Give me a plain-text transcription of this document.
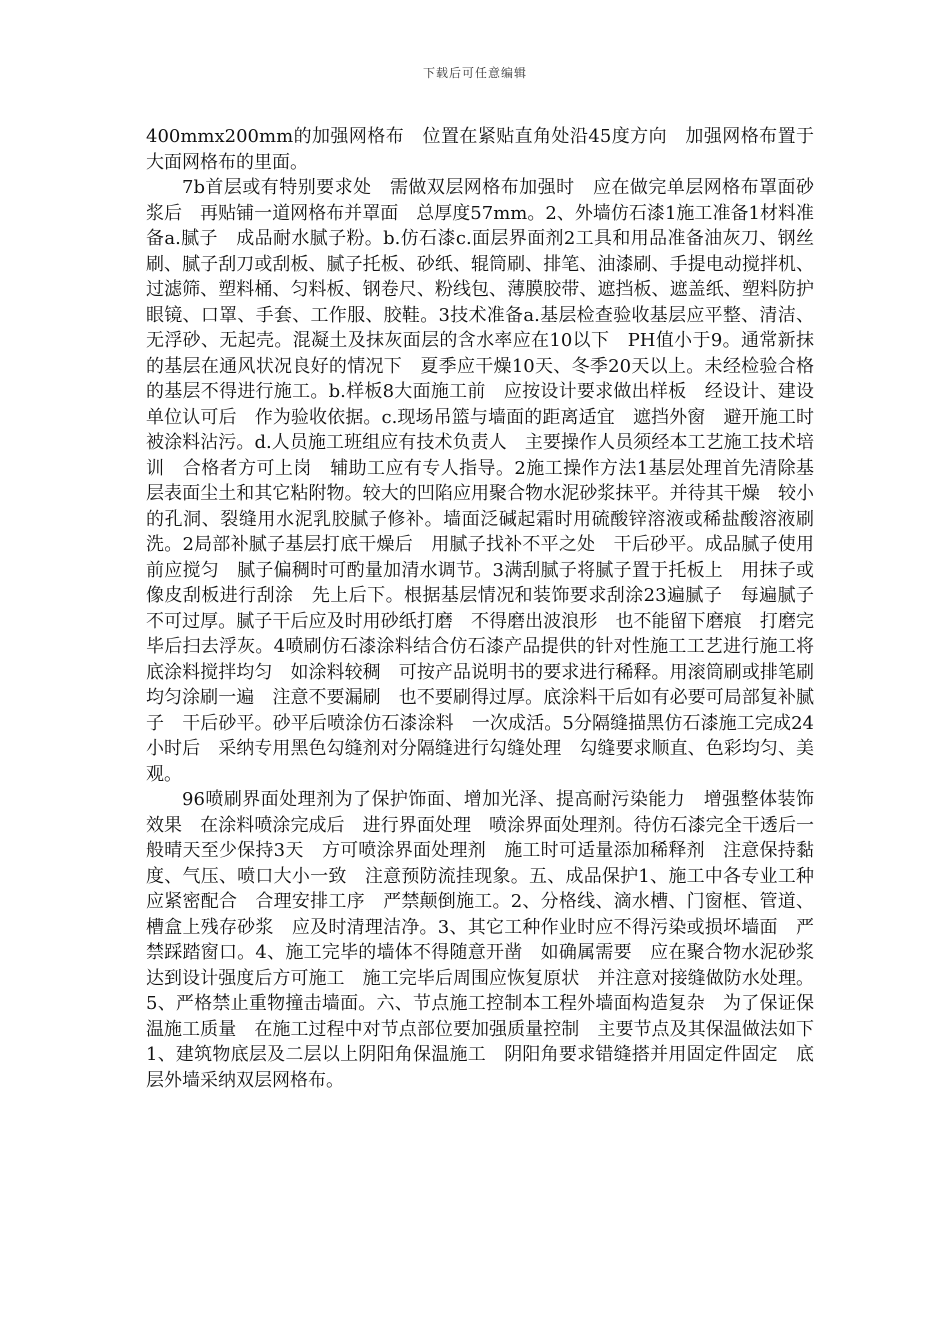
下载后可任意编辑

400mmx200mm的加强网格布　位置在紧贴直角处沿45度方向　加强网格布置于大面网格布的里面。

7b首层或有特别要求处　需做双层网格布加强时　应在做完单层网格布罩面砂浆后　再贴铺一道网格布并罩面　总厚度57mm。2、外墙仿石漆1施工准备1材料准备a.腻子　成品耐水腻子粉。b.仿石漆c.面层界面剂2工具和用品准备油灰刀、钢丝刷、腻子刮刀或刮板、腻子托板、砂纸、辊筒刷、排笔、油漆刷、手提电动搅拌机、过滤筛、塑料桶、匀料板、钢卷尺、粉线包、薄膜胶带、遮挡板、遮盖纸、塑料防护眼镜、口罩、手套、工作服、胶鞋。3技术准备a.基层检查验收基层应平整、清洁、无浮砂、无起壳。混凝土及抹灰面层的含水率应在10以下　PH值小于9。通常新抹的基层在通风状况良好的情况下　夏季应干燥10天、冬季20天以上。未经检验合格的基层不得进行施工。b.样板8大面施工前　应按设计要求做出样板　经设计、建设单位认可后　作为验收依据。c.现场吊篮与墙面的距离适宜　遮挡外窗　避开施工时被涂料沾污。d.人员施工班组应有技术负责人　主要操作人员须经本工艺施工技术培训　合格者方可上岗　辅助工应有专人指导。2施工操作方法1基层处理首先清除基层表面尘土和其它粘附物。较大的凹陷应用聚合物水泥砂浆抹平。并待其干燥　较小的孔洞、裂缝用水泥乳胶腻子修补。墙面泛碱起霜时用硫酸锌溶液或稀盐酸溶液刷洗。2局部补腻子基层打底干燥后　用腻子找补不平之处　干后砂平。成品腻子使用前应搅匀　腻子偏稠时可酌量加清水调节。3满刮腻子将腻子置于托板上　用抹子或像皮刮板进行刮涂　先上后下。根据基层情况和装饰要求刮涂23遍腻子　每遍腻子不可过厚。腻子干后应及时用砂纸打磨　不得磨出波浪形　也不能留下磨痕　打磨完毕后扫去浮灰。4喷刷仿石漆涂料结合仿石漆产品提供的针对性施工工艺进行施工将底涂料搅拌均匀　如涂料较稠　可按产品说明书的要求进行稀释。用滚筒刷或排笔刷均匀涂刷一遍　注意不要漏刷　也不要刷得过厚。底涂料干后如有必要可局部复补腻子　干后砂平。砂平后喷涂仿石漆涂料　一次成活。5分隔缝描黑仿石漆施工完成24小时后　采纳专用黑色勾缝剂对分隔缝进行勾缝处理　勾缝要求顺直、色彩均匀、美观。

96喷刷界面处理剂为了保护饰面、增加光泽、提高耐污染能力　增强整体装饰效果　在涂料喷涂完成后　进行界面处理　喷涂界面处理剂。待仿石漆完全干透后一般晴天至少保持3天　方可喷涂界面处理剂　施工时可适量添加稀释剂　注意保持黏度、气压、喷口大小一致　注意预防流挂现象。五、成品保护1、施工中各专业工种应紧密配合　合理安排工序　严禁颠倒施工。2、分格线、滴水槽、门窗框、管道、槽盒上残存砂浆　应及时清理洁净。3、其它工种作业时应不得污染或损坏墙面　严禁踩踏窗口。4、施工完毕的墙体不得随意开凿　如确属需要　应在聚合物水泥砂浆达到设计强度后方可施工　施工完毕后周围应恢复原状　并注意对接缝做防水处理。5、严格禁止重物撞击墙面。六、节点施工控制本工程外墙面构造复杂　为了保证保温施工质量　在施工过程中对节点部位要加强质量控制　主要节点及其保温做法如下　1、建筑物底层及二层以上阴阳角保温施工　阴阳角要求错缝搭并用固定件固定　底层外墙采纳双层网格布。
